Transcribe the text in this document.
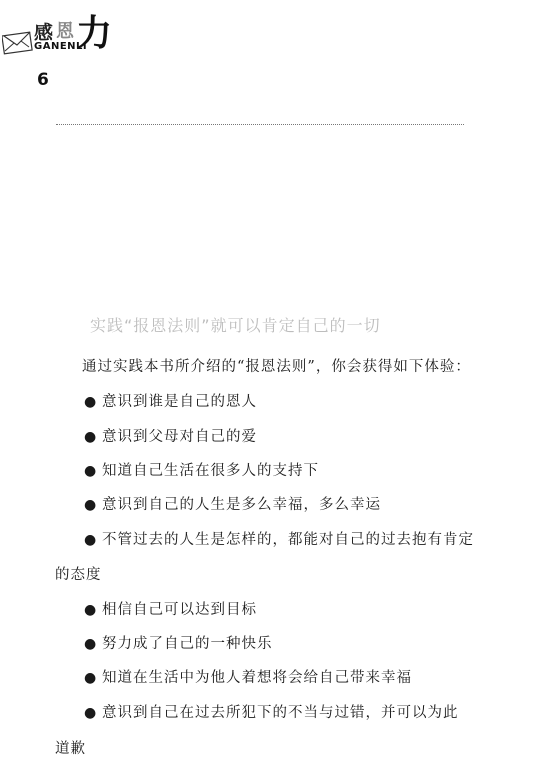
感 恩 力
GANENLI
6
实践“报恩法则”就可以肯定自己的一切
通过实践本书所介绍的“报恩法则”，你会获得如下体验：
● 意识到谁是自己的恩人
● 意识到父母对自己的爱
● 知道自己生活在很多人的支持下
● 意识到自己的人生是多么幸福，多么幸运
● 不管过去的人生是怎样的，都能对自己的过去抱有肯定
的态度
● 相信自己可以达到目标
● 努力成了自己的一种快乐
● 知道在生活中为他人着想将会给自己带来幸福
● 意识到自己在过去所犯下的不当与过错，并可以为此
道歉
